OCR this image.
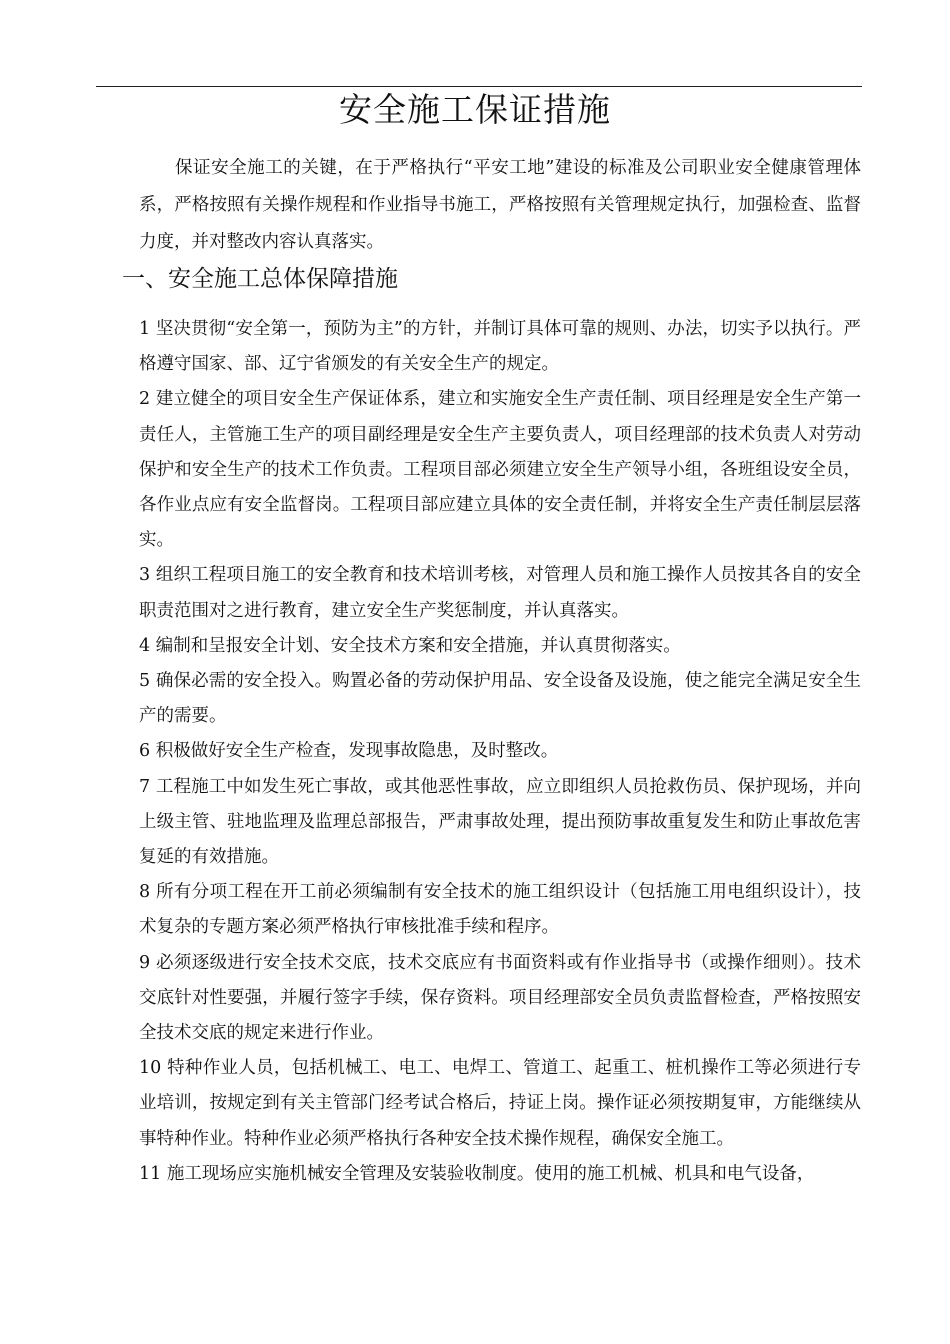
安全施工保证措施

保证安全施工的关键，在于严格执行“平安工地”建设的标准及公司职业安全健康管理体系，严格按照有关操作规程和作业指导书施工，严格按照有关管理规定执行，加强检查、监督力度，并对整改内容认真落实。

一、安全施工总体保障措施

1 坚决贯彻“安全第一，预防为主”的方针，并制订具体可靠的规则、办法，切实予以执行。严格遵守国家、部、辽宁省颁发的有关安全生产的规定。

2 建立健全的项目安全生产保证体系，建立和实施安全生产责任制、项目经理是安全生产第一责任人，主管施工生产的项目副经理是安全生产主要负责人，项目经理部的技术负责人对劳动保护和安全生产的技术工作负责。工程项目部必须建立安全生产领导小组，各班组设安全员，各作业点应有安全监督岗。工程项目部应建立具体的安全责任制，并将安全生产责任制层层落实。

3 组织工程项目施工的安全教育和技术培训考核，对管理人员和施工操作人员按其各自的安全职责范围对之进行教育，建立安全生产奖惩制度，并认真落实。

4 编制和呈报安全计划、安全技术方案和安全措施，并认真贯彻落实。

5 确保必需的安全投入。购置必备的劳动保护用品、安全设备及设施，使之能完全满足安全生产的需要。

6 积极做好安全生产检查，发现事故隐患，及时整改。

7 工程施工中如发生死亡事故，或其他恶性事故，应立即组织人员抢救伤员、保护现场，并向上级主管、驻地监理及监理总部报告，严肃事故处理，提出预防事故重复发生和防止事故危害复延的有效措施。

8 所有分项工程在开工前必须编制有安全技术的施工组织设计（包括施工用电组织设计），技术复杂的专题方案必须严格执行审核批准手续和程序。

9 必须逐级进行安全技术交底，技术交底应有书面资料或有作业指导书（或操作细则）。技术交底针对性要强，并履行签字手续，保存资料。项目经理部安全员负责监督检查，严格按照安全技术交底的规定来进行作业。

10 特种作业人员，包括机械工、电工、电焊工、管道工、起重工、桩机操作工等必须进行专业培训，按规定到有关主管部门经考试合格后，持证上岗。操作证必须按期复审，方能继续从事特种作业。特种作业必须严格执行各种安全技术操作规程，确保安全施工。

11 施工现场应实施机械安全管理及安装验收制度。使用的施工机械、机具和电气设备，
